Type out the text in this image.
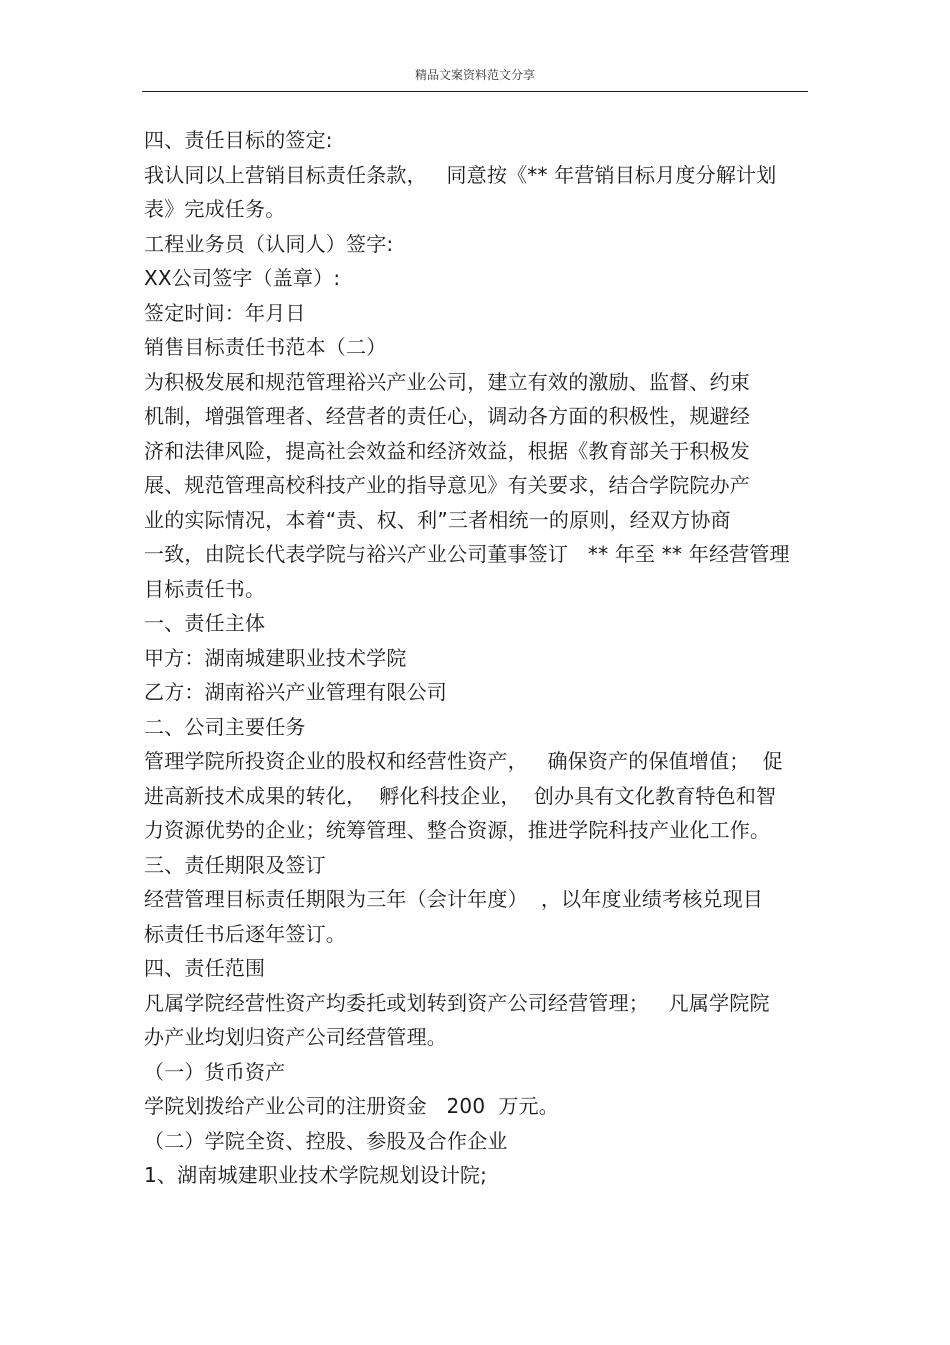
精品文案资料范文分享
四、责任目标的签定:
我认同以上营销目标责任条款，   同意按《** 年营销目标月度分解计划
表》完成任务。
工程业务员（认同人）签字:
XX公司签字（盖章）:
签定时间：年月日
销售目标责任书范本（二）
为积极发展和规范管理裕兴产业公司，建立有效的激励、监督、约束
机制，增强管理者、经营者的责任心，调动各方面的积极性，规避经
济和法律风险，提高社会效益和经济效益，根据《教育部关于积极发
展、规范管理高校科技产业的指导意见》有关要求，结合学院院办产
业的实际情况，本着“责、权、利”三者相统一的原则，经双方协商
一致，由院长代表学院与裕兴产业公司董事签订   ** 年至 ** 年经营管理
目标责任书。
一、责任主体
甲方：湖南城建职业技术学院
乙方：湖南裕兴产业管理有限公司
二、公司主要任务
管理学院所投资企业的股权和经营性资产，   确保资产的保值增值；  促
进高新技术成果的转化，  孵化科技企业，  创办具有文化教育特色和智
力资源优势的企业；统筹管理、整合资源，推进学院科技产业化工作。
三、责任期限及签订
经营管理目标责任期限为三年（会计年度）  ，以年度业绩考核兑现目
标责任书后逐年签订。
四、责任范围
凡属学院经营性资产均委托或划转到资产公司经营管理；   凡属学院院
办产业均划归资产公司经营管理。
（一）货币资产
学院划拨给产业公司的注册资金   200  万元。
（二）学院全资、控股、参股及合作企业
1、湖南城建职业技术学院规划设计院;
